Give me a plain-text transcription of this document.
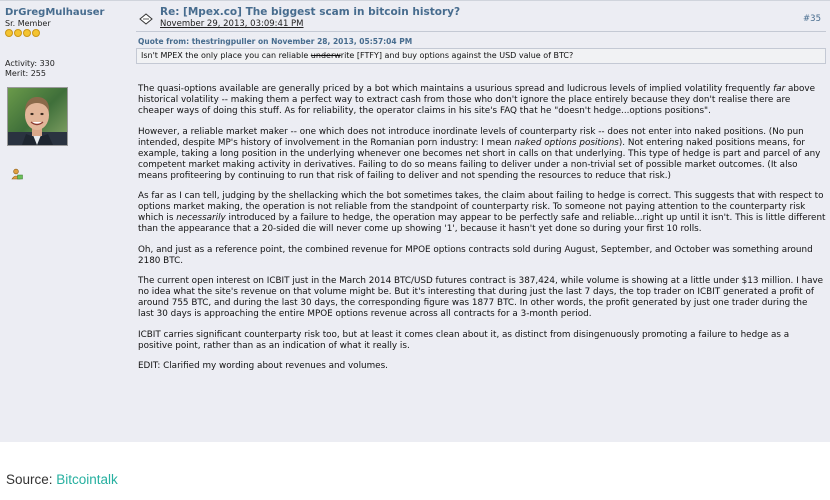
DrGregMulhauser
Sr. Member
Activity: 330
Merit: 255
Re: [Mpex.co] The biggest scam in bitcoin history?
November 29, 2013, 03:09:41 PM	#35
Quote from: thestringpuller on November 28, 2013, 05:57:04 PM
Isn't MPEX the only place you can reliable underwrite [FTFY] and buy options against the USD value of BTC?

The quasi-options available are generally priced by a bot which maintains a usurious spread and ludicrous levels of implied volatility frequently far above historical volatility -- making them a perfect way to extract cash from those who don't ignore the place entirely because they don't realise there are cheaper ways of doing this stuff. As for reliability, the operator claims in his site's FAQ that he "doesn't hedge...options positions".

However, a reliable market maker -- one which does not introduce inordinate levels of counterparty risk -- does not enter into naked positions. (No pun intended, despite MP's history of involvement in the Romanian porn industry: I mean naked options positions). Not entering naked positions means, for example, taking a long position in the underlying whenever one becomes net short in calls on that underlying. This type of hedge is part and parcel of any competent market making activity in derivatives. Failing to do so means failing to deliver under a non-trivial set of possible market outcomes. (It also means profiteering by continuing to run that risk of failing to deliver and not spending the resources to reduce that risk.)

As far as I can tell, judging by the shellacking which the bot sometimes takes, the claim about failing to hedge is correct. This suggests that with respect to options market making, the operation is not reliable from the standpoint of counterparty risk. To someone not paying attention to the counterparty risk which is necessarily introduced by a failure to hedge, the operation may appear to be perfectly safe and reliable...right up until it isn't. This is little different than the appearance that a 20-sided die will never come up showing '1', because it hasn't yet done so during your first 10 rolls.

Oh, and just as a reference point, the combined revenue for MPOE options contracts sold during August, September, and October was something around 2180 BTC.

The current open interest on ICBIT just in the March 2014 BTC/USD futures contract is 387,424, while volume is showing at a little under $13 million. I have no idea what the site's revenue on that volume might be. But it's interesting that during just the last 7 days, the top trader on ICBIT generated a profit of around 755 BTC, and during the last 30 days, the corresponding figure was 1877 BTC. In other words, the profit generated by just one trader during the last 30 days is approaching the entire MPOE options revenue across all contracts for a 3-month period.

ICBIT carries significant counterparty risk too, but at least it comes clean about it, as distinct from disingenuously promoting a failure to hedge as a positive point, rather than as an indication of what it really is.

EDIT: Clarified my wording about revenues and volumes.

Source: Bitcointalk
